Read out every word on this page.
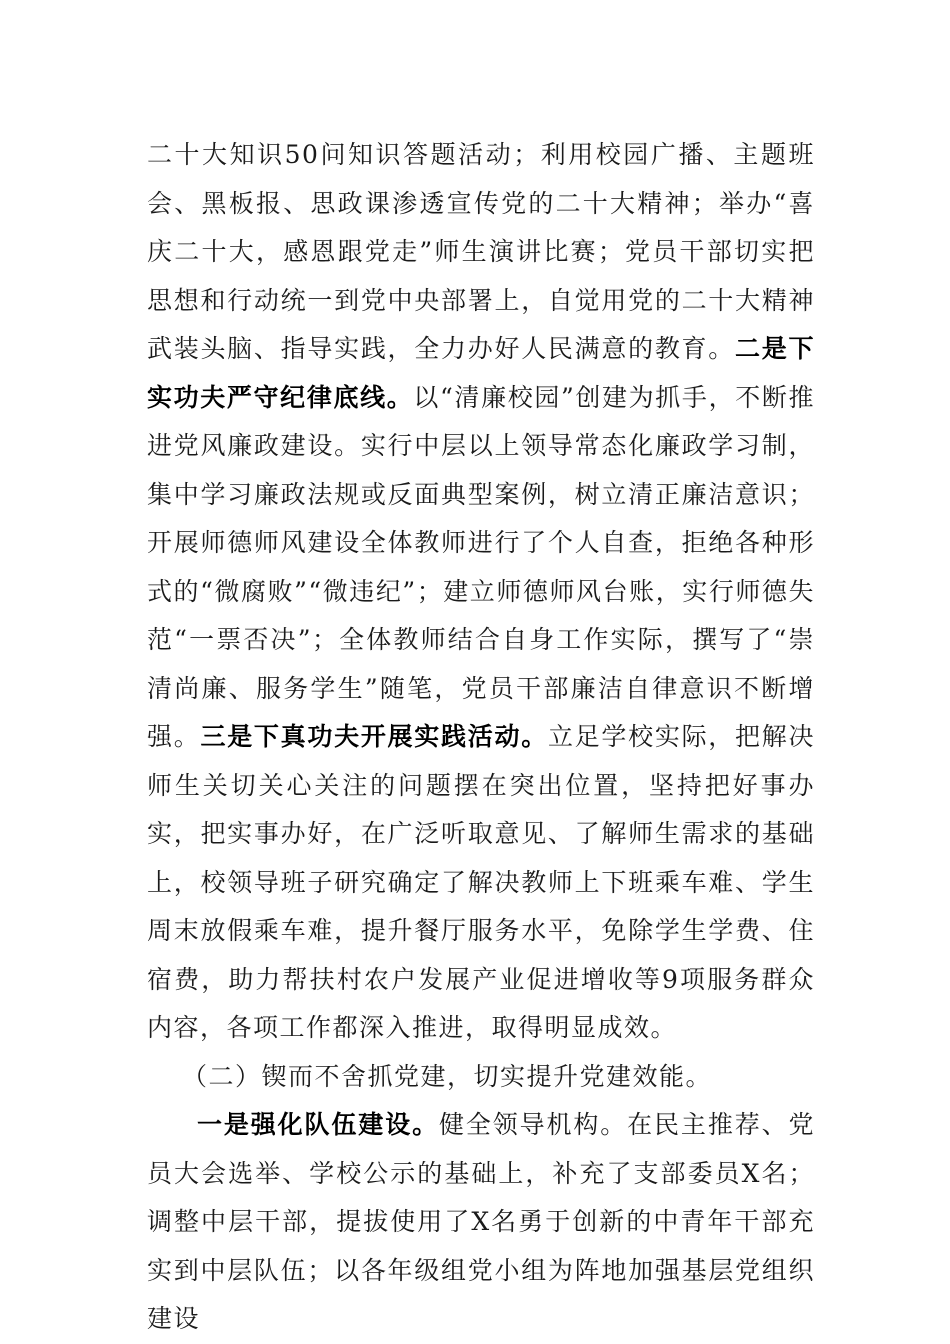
二十大知识50问知识答题活动；利用校园广播、主题班会、黑板报、思政课渗透宣传党的二十大精神；举办“喜庆二十大，感恩跟党走”师生演讲比赛；党员干部切实把思想和行动统一到党中央部署上，自觉用党的二十大精神武装头脑、指导实践，全力办好人民满意的教育。二是下实功夫严守纪律底线。以“清廉校园”创建为抓手，不断推进党风廉政建设。实行中层以上领导常态化廉政学习制，集中学习廉政法规或反面典型案例，树立清正廉洁意识；开展师德师风建设全体教师进行了个人自查，拒绝各种形式的“微腐败”“微违纪”；建立师德师风台账，实行师德失范“一票否决”；全体教师结合自身工作实际，撰写了“崇清尚廉、服务学生”随笔，党员干部廉洁自律意识不断增强。三是下真功夫开展实践活动。立足学校实际，把解决师生关切关心关注的问题摆在突出位置，坚持把好事办实，把实事办好，在广泛听取意见、了解师生需求的基础上，校领导班子研究确定了解决教师上下班乘车难、学生周末放假乘车难，提升餐厅服务水平，免除学生学费、住宿费，助力帮扶村农户发展产业促进增收等9项服务群众内容，各项工作都深入推进，取得明显成效。

（二）锲而不舍抓党建，切实提升党建效能。

一是强化队伍建设。健全领导机构。在民主推荐、党员大会选举、学校公示的基础上，补充了支部委员X名；调整中层干部，提拔使用了X名勇于创新的中青年干部充实到中层队伍；以各年级组党小组为阵地加强基层党组织建设
